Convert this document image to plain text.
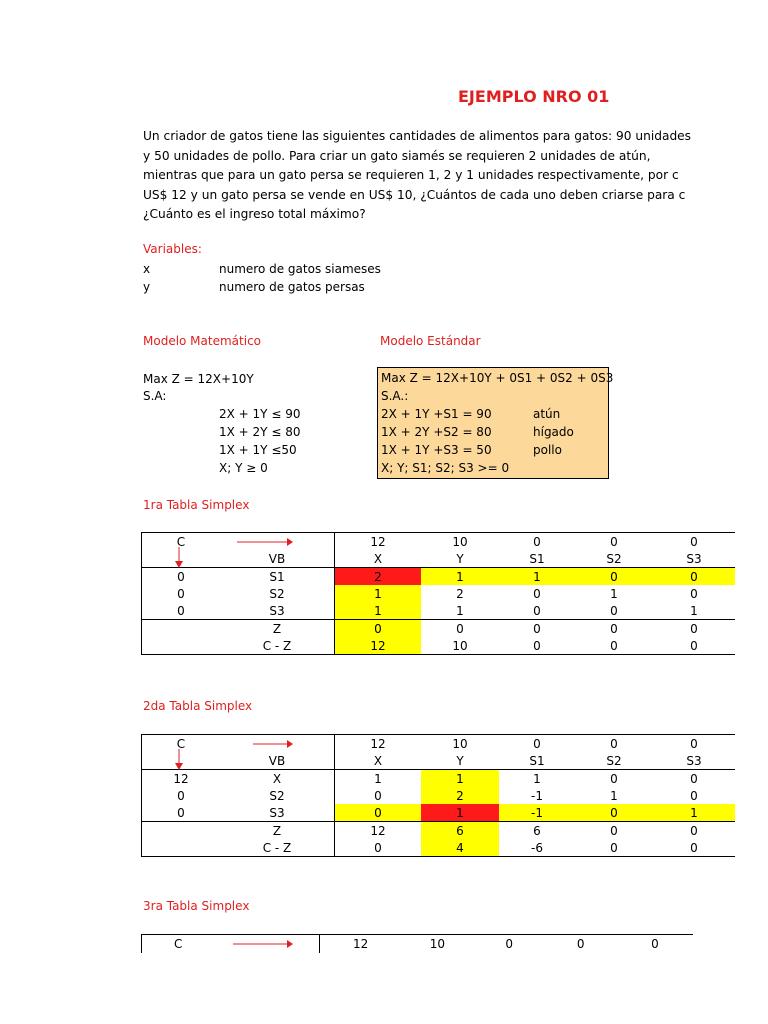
EJEMPLO NRO 01
Un criador de gatos tiene las siguientes cantidades de alimentos para gatos: 90 unidades
y 50 unidades de pollo. Para criar un gato siamés se requieren 2 unidades de atún,
mientras que para un gato persa se requieren 1, 2 y 1 unidades respectivamente, por c
US$ 12 y un gato persa se vende en US$ 10, ¿Cuántos de cada uno deben criarse para c
¿Cuánto es el ingreso total máximo?
Variables:
x	numero de gatos siameses
y	numero de gatos persas
Modelo Matemático
Max Z = 12X+10Y
S.A:
2X + 1Y ≤ 90
1X + 2Y ≤ 80
1X + 1Y ≤50
X; Y ≥ 0
Modelo Estándar
Max Z = 12X+10Y + 0S1 + 0S2 + 0S3
S.A.:
2X + 1Y +S1 = 90	atún
1X + 2Y +S2 = 80	hígado
1X + 1Y +S3 = 50	pollo
X; Y; S1; S2; S3 >= 0
1ra Tabla Simplex
C		12	10	0	0	0
	VB	X	Y	S1	S2	S3
0	S1	2	1	1	0	0
0	S2	1	2	0	1	0
0	S3	1	1	0	0	1
	Z	0	0	0	0	0
	C - Z	12	10	0	0	0
2da Tabla Simplex
C		12	10	0	0	0
	VB	X	Y	S1	S2	S3
12	X	1	1	1	0	0
0	S2	0	2	-1	1	0
0	S3	0	1	-1	0	1
	Z	12	6	6	0	0
	C - Z	0	4	-6	0	0
3ra Tabla Simplex
C		12	10	0	0	0
